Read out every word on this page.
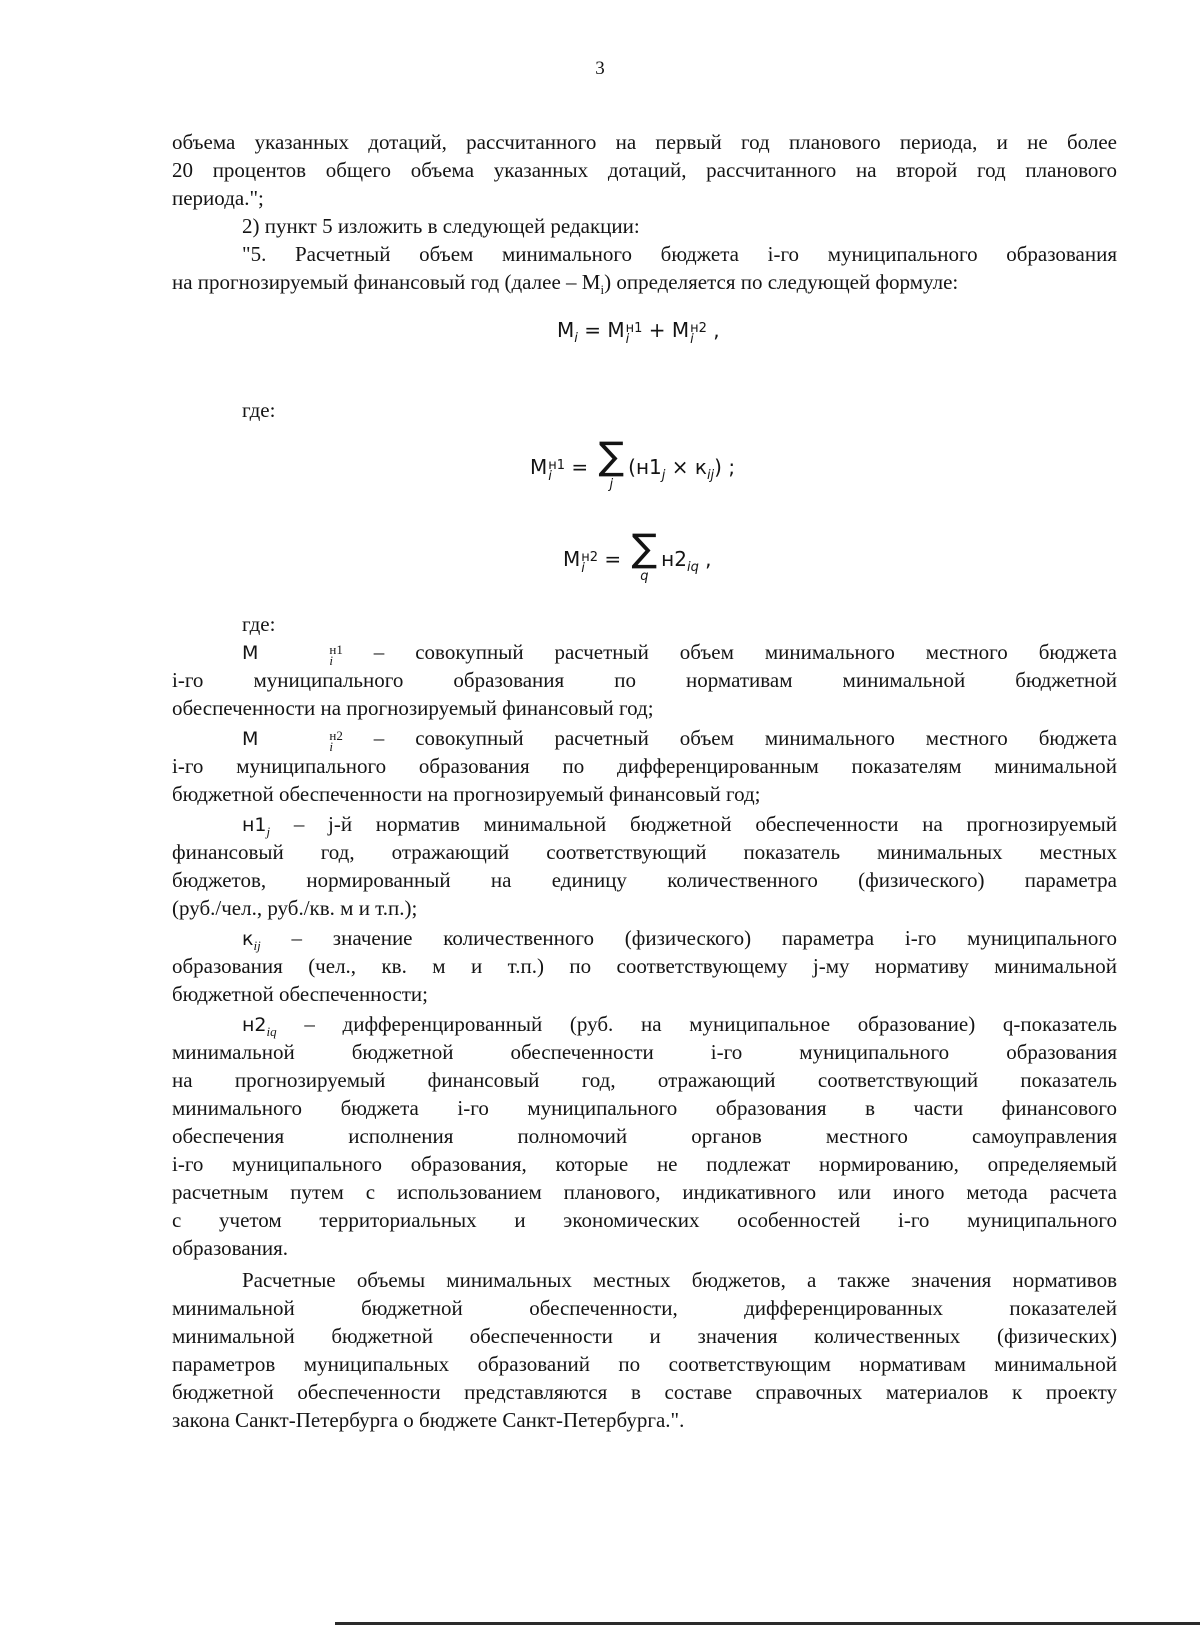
3

объема указанных дотаций, рассчитанного на первый год планового периода, и не более

20 процентов общего объема указанных дотаций, рассчитанного на второй год планового

периода.";

2) пункт 5 изложить в следующей редакции:

"5. Расчетный объем минимального бюджета i-го муниципального образования

на прогнозируемый финансовый год (далее – $M_i$) определяется по следующей формуле:

$M_i = M$ н1
i + M н2
i ,

где:

M н1
i = ∑
j
$(н1_j \times к_{ij})$ ;
M н2
i = ∑
q
$н2_{iq}$ ,

где:

M	н1
i – совокупный расчетный объем минимального местного бюджета

i-го муниципального образования по нормативам минимальной бюджетной

обеспеченности на прогнозируемый финансовый год;

M	н2
i – совокупный расчетный объем минимального местного бюджета

i-го муниципального образования по дифференцированным показателям минимальной

бюджетной обеспеченности на прогнозируемый финансовый год;

$н1_j - j-й$ норматив минимальной бюджетной обеспеченности на прогнозируемый

финансовый год, отражающий соответствующий показатель минимальных местных

бюджетов, нормированный на единицу количественного (физического) параметра

(руб./чел., руб./кв. м и т.п.);

$к_{ij}$ – значение количественного (физического) параметра i-го муниципального

образования (чел., кв. м и т.п.) по соответствующему j-му нормативу минимальной

бюджетной обеспеченности;

$н2_{iq}$ – дифференцированный (руб. на муниципальное образование) q-показатель

минимальной бюджетной обеспеченности i-го муниципального образования

на прогнозируемый финансовый год, отражающий соответствующий показатель

минимального бюджета i-го муниципального образования в части финансового

обеспечения исполнения полномочий органов местного самоуправления

i-го муниципального образования, которые не подлежат нормированию, определяемый

расчетным путем с использованием планового, индикативного или иного метода расчета

с учетом территориальных и экономических особенностей i-го муниципального

образования.

Расчетные объемы минимальных местных бюджетов, а также значения нормативов

минимальной бюджетной обеспеченности, дифференцированных показателей

минимальной бюджетной обеспеченности и значения количественных (физических)

параметров муниципальных образований по соответствующим нормативам минимальной

бюджетной обеспеченности представляются в составе справочных материалов к проекту

закона Санкт-Петербурга о бюджете Санкт-Петербурга.".
